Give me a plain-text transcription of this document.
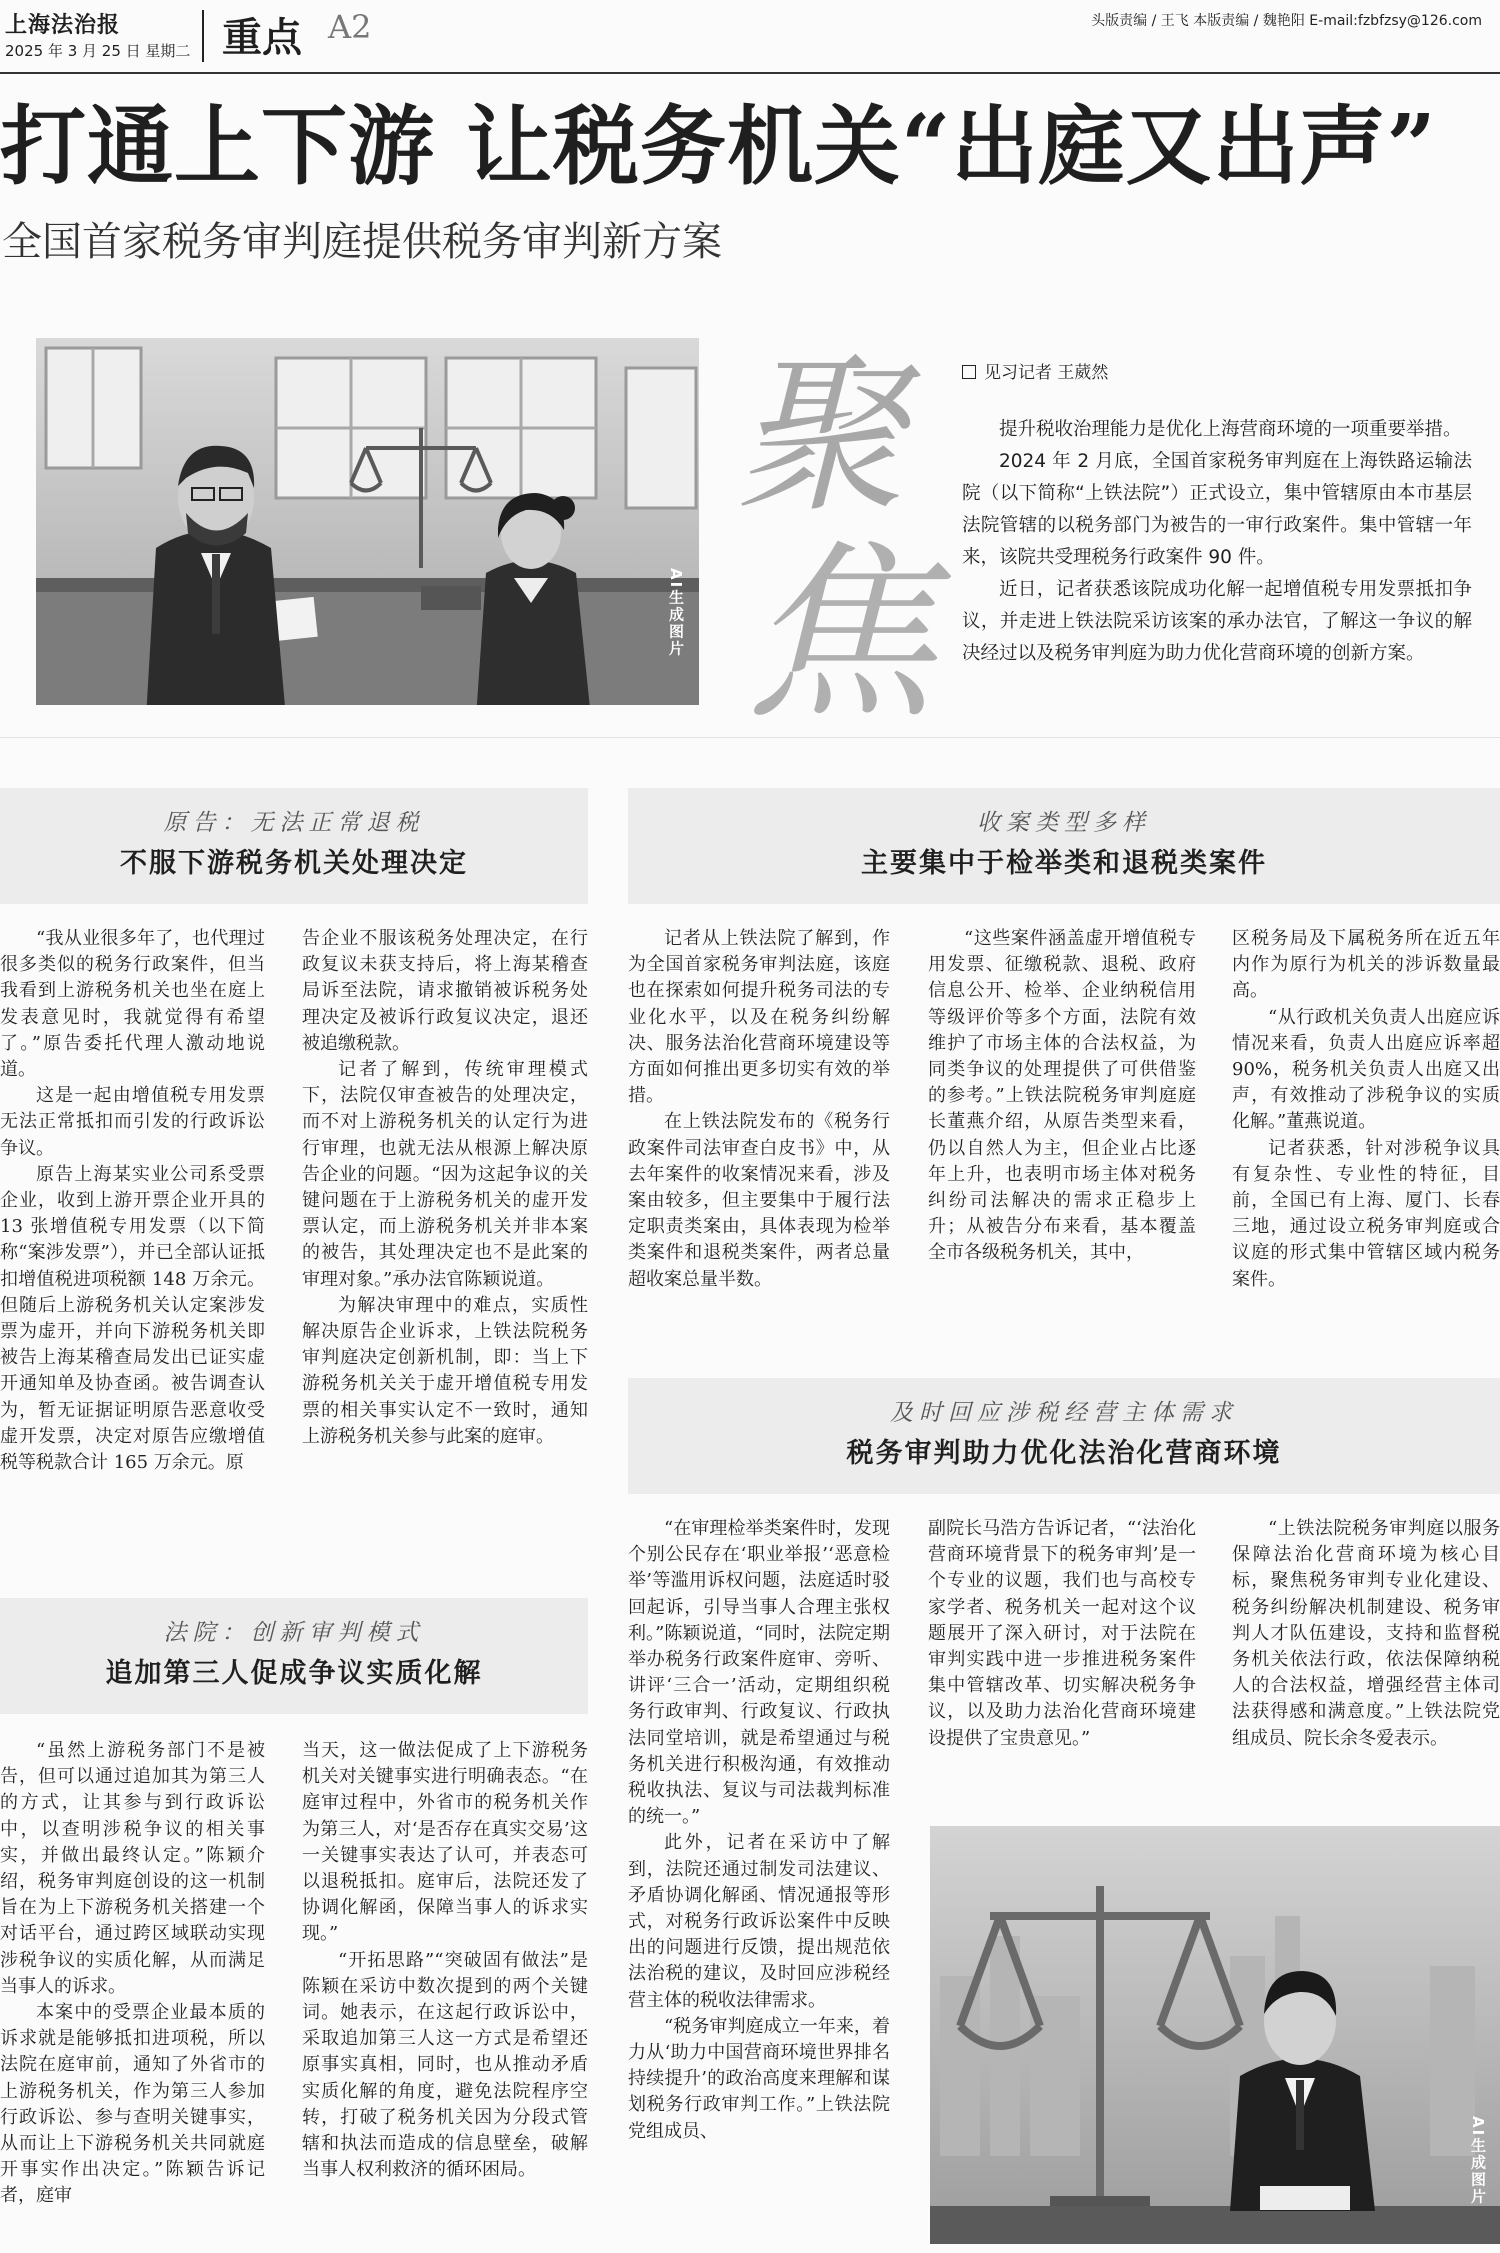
上海法治报
2025 年 3 月 25 日 星期二 重点 A2	头版责编 / 王飞 本版责编 / 魏艳阳 E-mail:fzbfzsy@126.com
打通上下游 让税务机关“出庭又出声”
全国首家税务审判庭提供税务审判新方案
AI生成图片
聚
焦
见习记者 王葳然

提升税收治理能力是优化上海营商环境的一项重要举措。

2024 年 2 月底，全国首家税务审判庭在上海铁路运输法院（以下简称“上铁法院”）正式设立，集中管辖原由本市基层法院管辖的以税务部门为被告的一审行政案件。集中管辖一年来，该院共受理税务行政案件 90 件。

近日，记者获悉该院成功化解一起增值税专用发票抵扣争议，并走进上铁法院采访该案的承办法官，了解这一争议的解决经过以及税务审判庭为助力优化营商环境的创新方案。

原告：无法正常退税
不服下游税务机关处理决定

“我从业很多年了，也代理过很多类似的税务行政案件，但当我看到上游税务机关也坐在庭上发表意见时，我就觉得有希望了。”原告委托代理人激动地说道。

这是一起由增值税专用发票无法正常抵扣而引发的行政诉讼争议。

原告上海某实业公司系受票企业，收到上游开票企业开具的 13 张增值税专用发票（以下简称“案涉发票”），并已全部认证抵扣增值税进项税额 148 万余元。但随后上游税务机关认定案涉发票为虚开，并向下游税务机关即被告上海某稽查局发出已证实虚开通知单及协查函。被告调查认为，暂无证据证明原告恶意收受虚开发票，决定对原告应缴增值税等税款合计 165 万余元。原

告企业不服该税务处理决定，在行政复议未获支持后，将上海某稽查局诉至法院，请求撤销被诉税务处理决定及被诉行政复议决定，退还被追缴税款。

记者了解到，传统审理模式下，法院仅审查被告的处理决定，而不对上游税务机关的认定行为进行审理，也就无法从根源上解决原告企业的问题。“因为这起争议的关键问题在于上游税务机关的虚开发票认定，而上游税务机关并非本案的被告，其处理决定也不是此案的审理对象。”承办法官陈颖说道。

为解决审理中的难点，实质性解决原告企业诉求，上铁法院税务审判庭决定创新机制，即：当上下游税务机关关于虚开增值税专用发票的相关事实认定不一致时，通知上游税务机关参与此案的庭审。

法院：创新审判模式
追加第三人促成争议实质化解

“虽然上游税务部门不是被告，但可以通过追加其为第三人的方式，让其参与到行政诉讼中，以查明涉税争议的相关事实，并做出最终认定。”陈颖介绍，税务审判庭创设的这一机制旨在为上下游税务机关搭建一个对话平台，通过跨区域联动实现涉税争议的实质化解，从而满足当事人的诉求。

本案中的受票企业最本质的诉求就是能够抵扣进项税，所以法院在庭审前，通知了外省市的上游税务机关，作为第三人参加行政诉讼、参与查明关键事实，从而让上下游税务机关共同就庭开事实作出决定。”陈颖告诉记者，庭审

当天，这一做法促成了上下游税务机关对关键事实进行明确表态。“在庭审过程中，外省市的税务机关作为第三人，对‘是否存在真实交易’这一关键事实表达了认可，并表态可以退税抵扣。庭审后，法院还发了协调化解函，保障当事人的诉求实现。”

“开拓思路”“突破固有做法”是陈颖在采访中数次提到的两个关键词。她表示，在这起行政诉讼中，采取追加第三人这一方式是希望还原事实真相，同时，也从推动矛盾实质化解的角度，避免法院程序空转，打破了税务机关因为分段式管辖和执法而造成的信息壁垒，破解当事人权利救济的循环困局。

收案类型多样
主要集中于检举类和退税类案件

记者从上铁法院了解到，作为全国首家税务审判法庭，该庭也在探索如何提升税务司法的专业化水平，以及在税务纠纷解决、服务法治化营商环境建设等方面如何推出更多切实有效的举措。

在上铁法院发布的《税务行政案件司法审查白皮书》中，从去年案件的收案情况来看，涉及案由较多，但主要集中于履行法定职责类案由，具体表现为检举类案件和退税类案件，两者总量超收案总量半数。

“这些案件涵盖虚开增值税专用发票、征缴税款、退税、政府信息公开、检举、企业纳税信用等级评价等多个方面，法院有效维护了市场主体的合法权益，为同类争议的处理提供了可供借鉴的参考。”上铁法院税务审判庭庭长董燕介绍，从原告类型来看，仍以自然人为主，但企业占比逐年上升，也表明市场主体对税务纠纷司法解决的需求正稳步上升；从被告分布来看，基本覆盖全市各级税务机关，其中，

区税务局及下属税务所在近五年内作为原行为机关的涉诉数量最高。

“从行政机关负责人出庭应诉情况来看，负责人出庭应诉率超 90%，税务机关负责人出庭又出声，有效推动了涉税争议的实质化解。”董燕说道。

记者获悉，针对涉税争议具有复杂性、专业性的特征，目前，全国已有上海、厦门、长春三地，通过设立税务审判庭或合议庭的形式集中管辖区域内税务案件。

及时回应涉税经营主体需求
税务审判助力优化法治化营商环境

“在审理检举类案件时，发现个别公民存在‘职业举报’‘恶意检举’等滥用诉权问题，法庭适时驳回起诉，引导当事人合理主张权利。”陈颖说道，“同时，法院定期举办税务行政案件庭审、旁听、讲评‘三合一’活动，定期组织税务行政审判、行政复议、行政执法同堂培训，就是希望通过与税务机关进行积极沟通，有效推动税收执法、复议与司法裁判标准的统一。”

此外，记者在采访中了解到，法院还通过制发司法建议、矛盾协调化解函、情况通报等形式，对税务行政诉讼案件中反映出的问题进行反馈，提出规范依法治税的建议，及时回应涉税经营主体的税收法律需求。

“税务审判庭成立一年来，着力从‘助力中国营商环境世界排名持续提升’的政治高度来理解和谋划税务行政审判工作。”上铁法院党组成员、

副院长马浩方告诉记者，“‘法治化营商环境背景下的税务审判’是一个专业的议题，我们也与高校专家学者、税务机关一起对这个议题展开了深入研讨，对于法院在审判实践中进一步推进税务案件集中管辖改革、切实解决税务争议，以及助力法治化营商环境建设提供了宝贵意见。”

“上铁法院税务审判庭以服务保障法治化营商环境为核心目标，聚焦税务审判专业化建设、税务纠纷解决机制建设、税务审判人才队伍建设，支持和监督税务机关依法行政，依法保障纳税人的合法权益，增强经营主体司法获得感和满意度。”上铁法院党组成员、院长余冬爱表示。

AI生成图片
